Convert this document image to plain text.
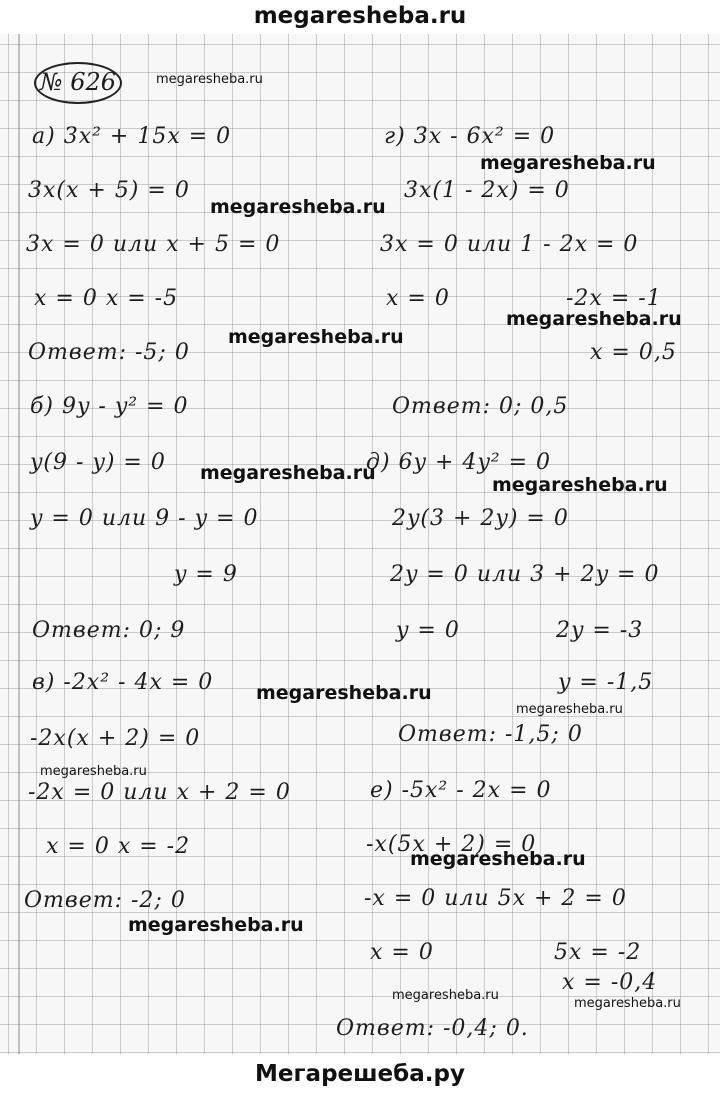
megaresheba.ru
№ 626
а) 3x² + 15x = 0
3x(x + 5) = 0
3x = 0 или x + 5 = 0
x = 0 x = -5
Ответ: -5; 0
б) 9y - y² = 0
y(9 - y) = 0
y = 0 или 9 - y = 0
y = 9
Ответ: 0; 9
в) -2x² - 4x = 0
-2x(x + 2) = 0
-2x = 0 или x + 2 = 0
x = 0 x = -2
Ответ: -2; 0
г) 3x - 6x² = 0
3x(1 - 2x) = 0
3x = 0 или 1 - 2x = 0
x = 0	-2x = -1
x = 0,5
Ответ: 0; 0,5
д) 6y + 4y² = 0
2y(3 + 2y) = 0
2y = 0 или 3 + 2y = 0
y = 0	2y = -3
y = -1,5
Ответ: -1,5; 0
е) -5x² - 2x = 0
-x(5x + 2) = 0
-x = 0 или 5x + 2 = 0
x = 0	5x = -2
x = -0,4
Ответ: -0,4; 0.
megaresheba.ru
megaresheba.ru
megaresheba.ru
megaresheba.ru
megaresheba.ru
megaresheba.ru
megaresheba.ru
megaresheba.ru
megaresheba.ru
megaresheba.ru
megaresheba.ru
megaresheba.ru
megaresheba.ru
megaresheba.ru
Мегарешеба.ру
